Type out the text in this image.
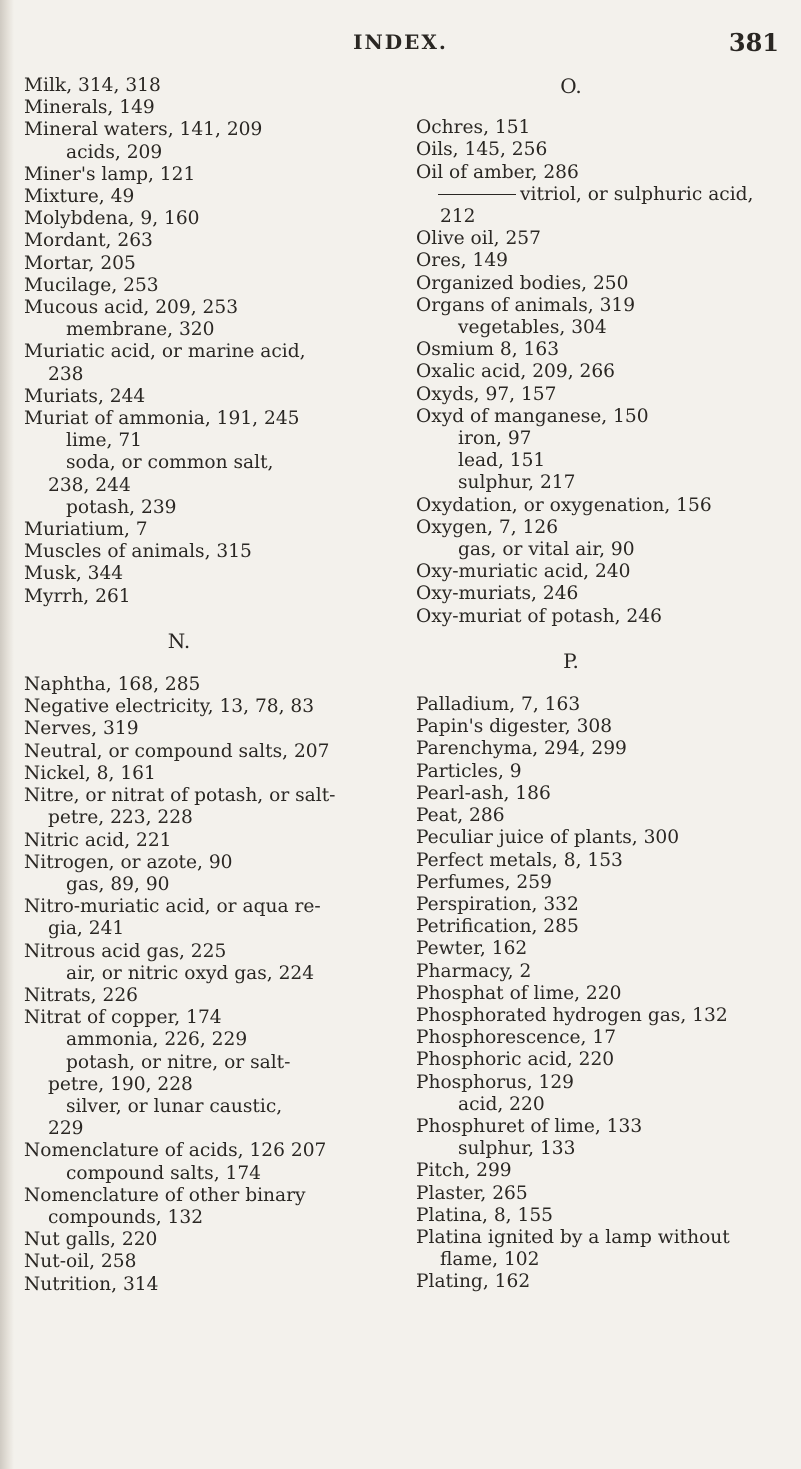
INDEX.	381
Milk, 314, 318
Minerals, 149
Mineral waters, 141, 209
acids, 209
Miner's lamp, 121
Mixture, 49
Molybdena, 9, 160
Mordant, 263
Mortar, 205
Mucilage, 253
Mucous acid, 209, 253
membrane, 320
Muriatic acid, or marine acid,
238
Muriats, 244
Muriat of ammonia, 191, 245
lime, 71
soda, or common salt,
238, 244
potash, 239
Muriatium, 7
Muscles of animals, 315
Musk, 344
Myrrh, 261
N.
Naphtha, 168, 285
Negative electricity, 13, 78, 83
Nerves, 319
Neutral, or compound salts, 207
Nickel, 8, 161
Nitre, or nitrat of potash, or salt-
petre, 223, 228
Nitric acid, 221
Nitrogen, or azote, 90
gas, 89, 90
Nitro-muriatic acid, or aqua re-
gia, 241
Nitrous acid gas, 225
air, or nitric oxyd gas, 224
Nitrats, 226
Nitrat of copper, 174
ammonia, 226, 229
potash, or nitre, or salt-
petre, 190, 228
silver, or lunar caustic,
229
Nomenclature of acids, 126 207
compound salts, 174
Nomenclature of other binary
compounds, 132
Nut galls, 220
Nut-oil, 258
Nutrition, 314
O.
Ochres, 151
Oils, 145, 256
Oil of amber, 286
vitriol, or sulphuric acid,
212
Olive oil, 257
Ores, 149
Organized bodies, 250
Organs of animals, 319
vegetables, 304
Osmium 8, 163
Oxalic acid, 209, 266
Oxyds, 97, 157
Oxyd of manganese, 150
iron, 97
lead, 151
sulphur, 217
Oxydation, or oxygenation, 156
Oxygen, 7, 126
gas, or vital air, 90
Oxy-muriatic acid, 240
Oxy-muriats, 246
Oxy-muriat of potash, 246
P.
Palladium, 7, 163
Papin's digester, 308
Parenchyma, 294, 299
Particles, 9
Pearl-ash, 186
Peat, 286
Peculiar juice of plants, 300
Perfect metals, 8, 153
Perfumes, 259
Perspiration, 332
Petrification, 285
Pewter, 162
Pharmacy, 2
Phosphat of lime, 220
Phosphorated hydrogen gas, 132
Phosphorescence, 17
Phosphoric acid, 220
Phosphorus, 129
acid, 220
Phosphuret of lime, 133
sulphur, 133
Pitch, 299
Plaster, 265
Platina, 8, 155
Platina ignited by a lamp without
flame, 102
Plating, 162
